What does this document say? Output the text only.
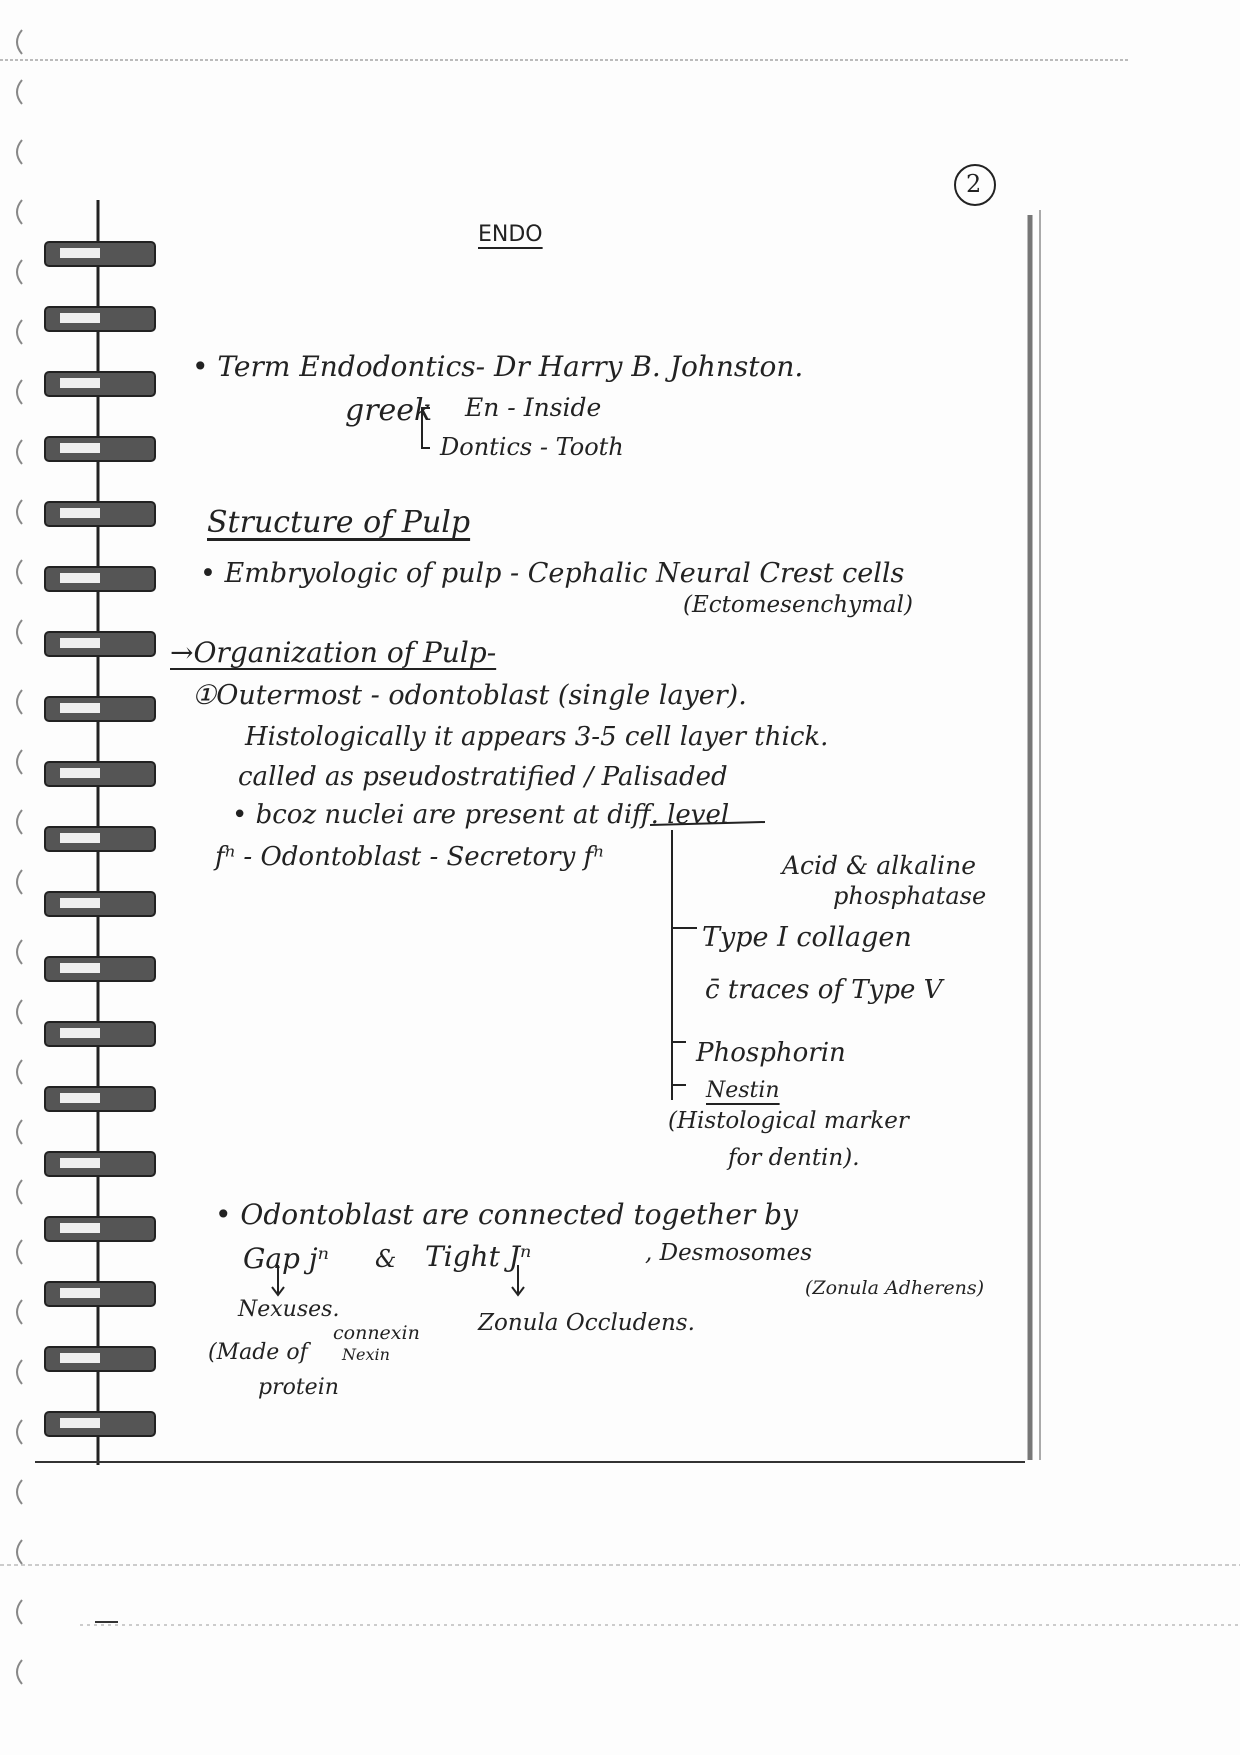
2
ENDO
• Term Endodontics- Dr Harry B. Johnston.
greek En - Inside
Dontics - Tooth
Structure of Pulp
• Embryologic of pulp - Cephalic Neural Crest cells
(Ectomesenchymal)
→Organization of Pulp-
①Outermost - odontoblast (single layer).
Histologically it appears 3-5 cell layer thick.
called as pseudostratified / Palisaded
• bcoz nuclei are present at diff. level
fⁿ - Odontoblast - Secretory fⁿ	Acid & alkaline
phosphatase
Type I collagen
c̄ traces of Type V
Phosphorin
Nestin
(Histological marker
for dentin).
• Odontoblast are connected together by
Gap jⁿ & Tight Jⁿ	, Desmosomes
(Zonula Adherens)
Nexuses.
Zonula Occludens.
(Made of
connexin
Nexin
protein
